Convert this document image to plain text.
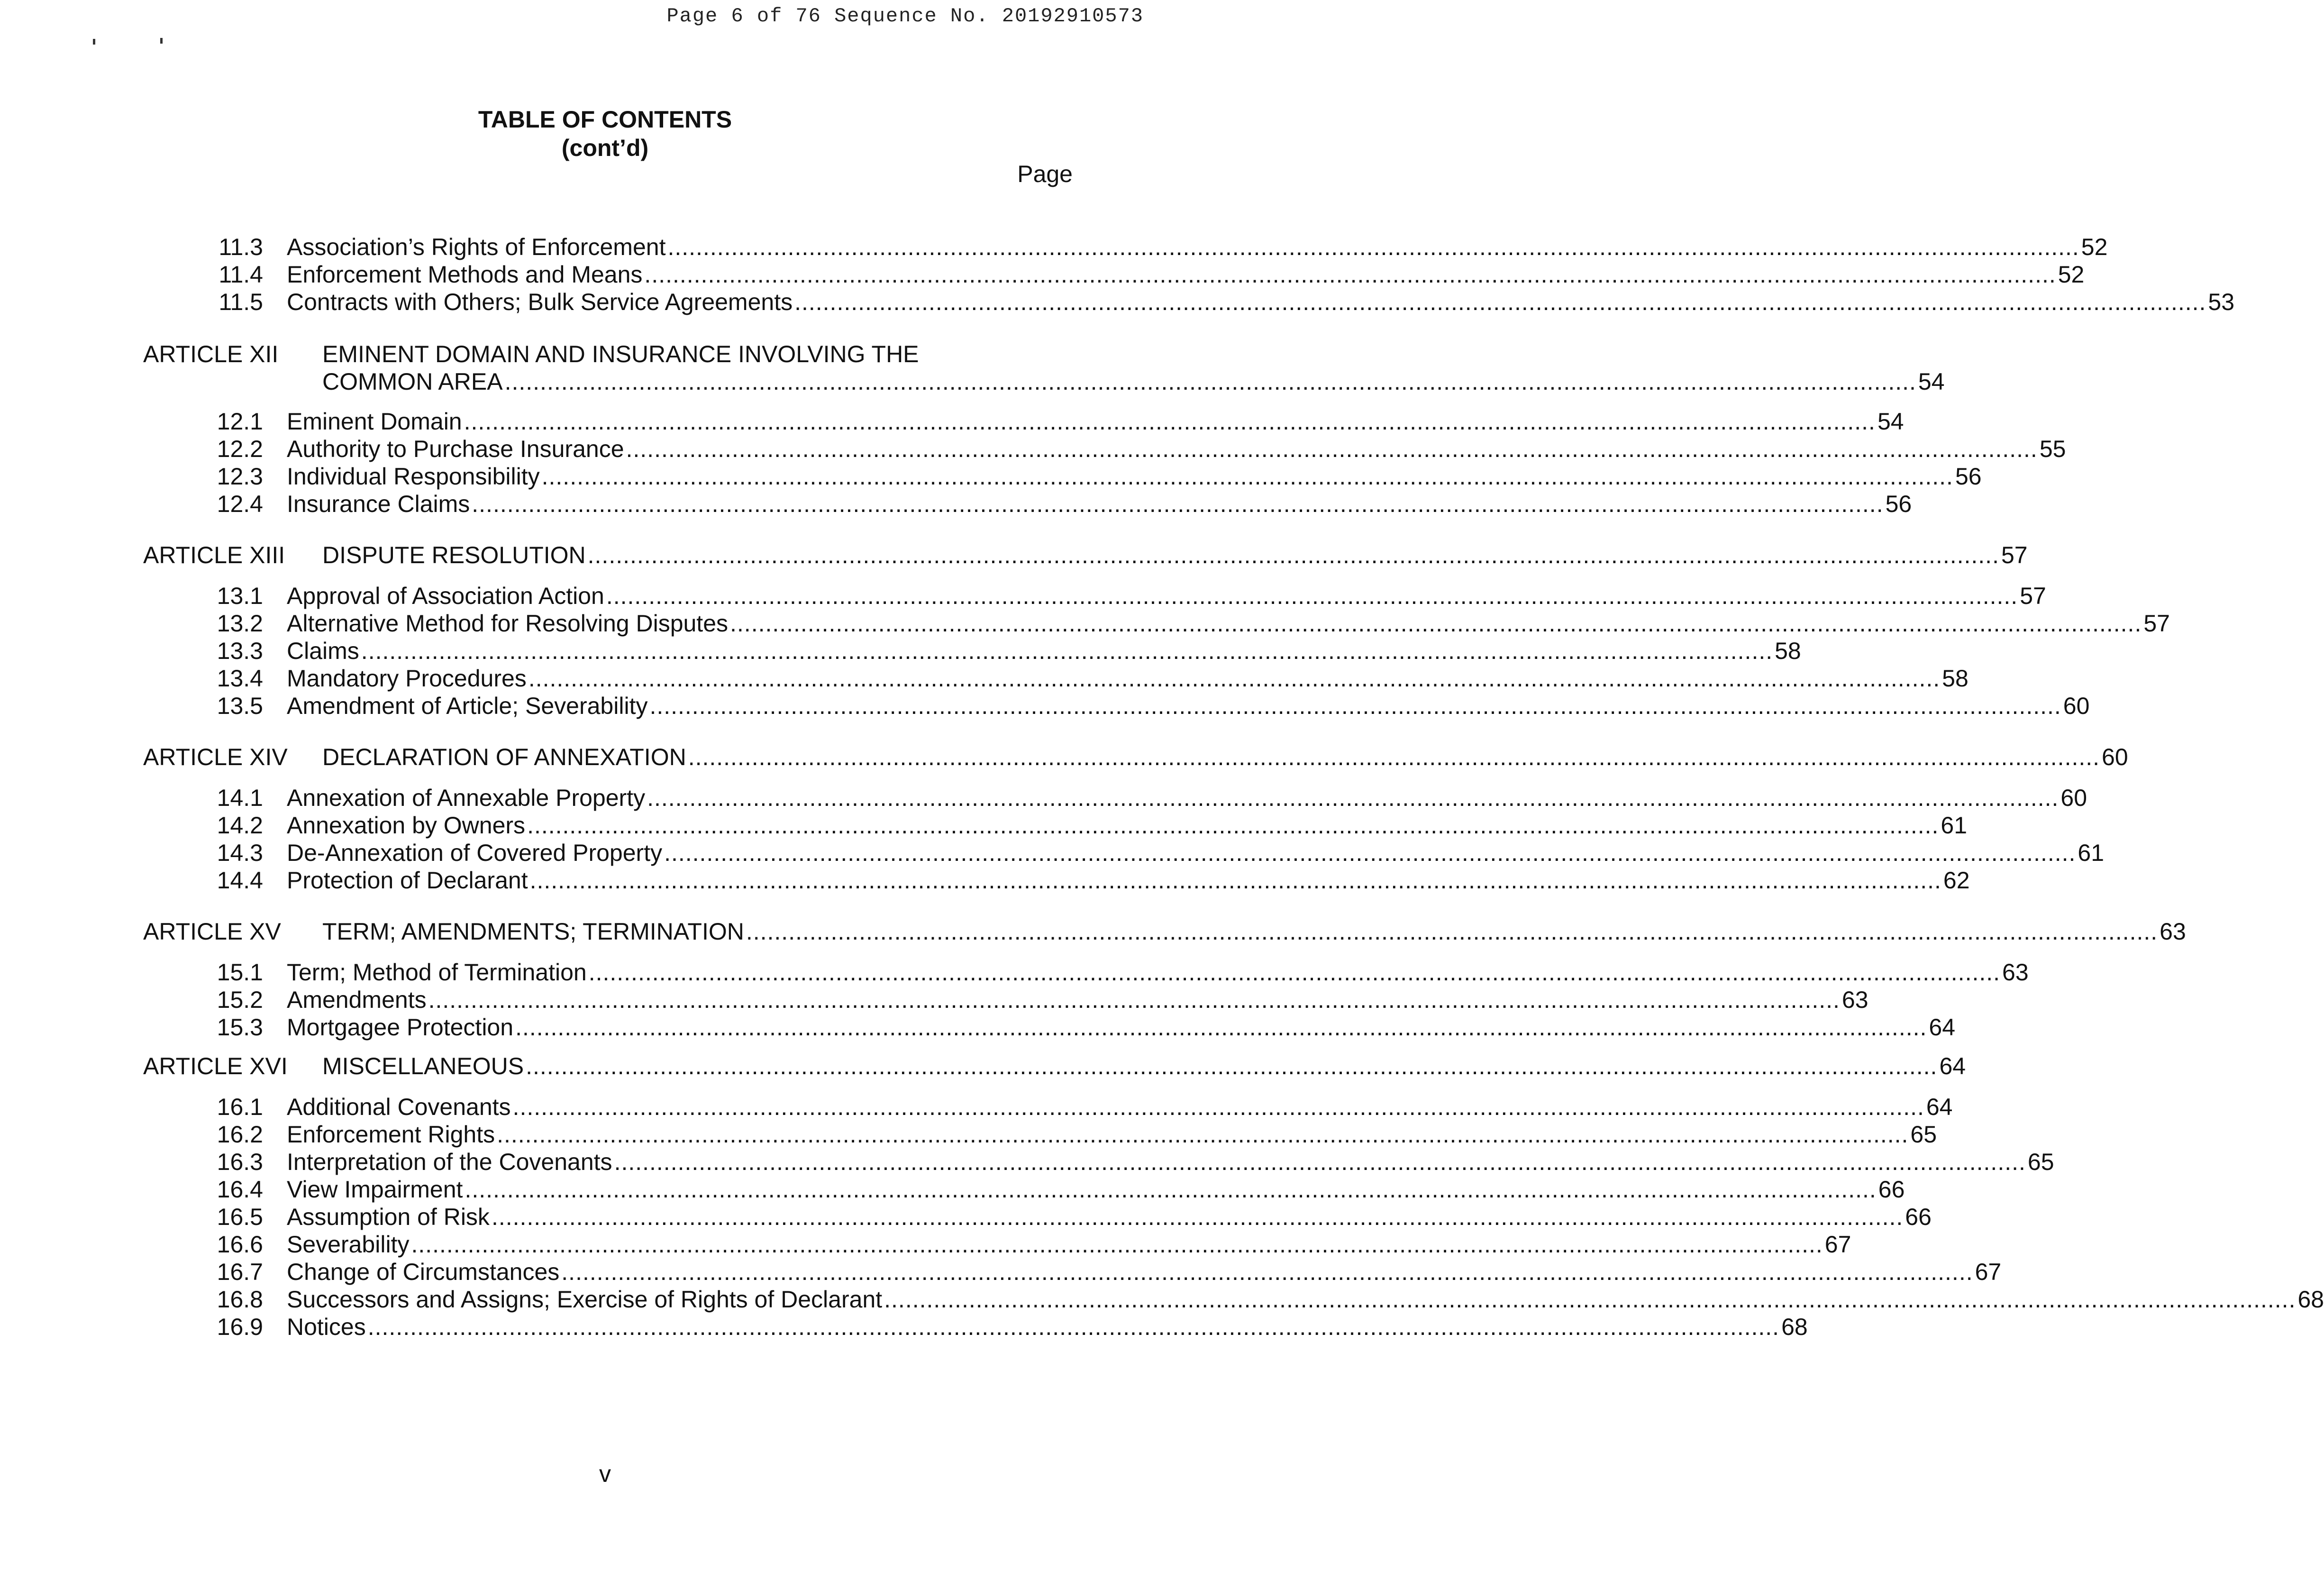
Page 6 of 76 Sequence No. 20192910573
TABLE OF CONTENTS
(cont’d)
Page
11.3 Association’s Rights of Enforcement ........................................................................................................................................................................................................ 52
11.4 Enforcement Methods and Means ........................................................................................................................................................................................................ 52
11.5 Contracts with Others; Bulk Service Agreements ........................................................................................................................................................................................................ 53
ARTICLE XII EMINENT DOMAIN AND INSURANCE INVOLVING THE
COMMON AREA ........................................................................................................................................................................................................ 54
12.1 Eminent Domain ........................................................................................................................................................................................................ 54
12.2 Authority to Purchase Insurance ........................................................................................................................................................................................................ 55
12.3 Individual Responsibility ........................................................................................................................................................................................................ 56
12.4 Insurance Claims ........................................................................................................................................................................................................ 56
ARTICLE XIII DISPUTE RESOLUTION ........................................................................................................................................................................................................ 57
13.1 Approval of Association Action ........................................................................................................................................................................................................ 57
13.2 Alternative Method for Resolving Disputes ........................................................................................................................................................................................................ 57
13.3 Claims ........................................................................................................................................................................................................ 58
13.4 Mandatory Procedures ........................................................................................................................................................................................................ 58
13.5 Amendment of Article; Severability ........................................................................................................................................................................................................ 60
ARTICLE XIV DECLARATION OF ANNEXATION ........................................................................................................................................................................................................ 60
14.1 Annexation of Annexable Property ........................................................................................................................................................................................................ 60
14.2 Annexation by Owners ........................................................................................................................................................................................................ 61
14.3 De-Annexation of Covered Property ........................................................................................................................................................................................................ 61
14.4 Protection of Declarant ........................................................................................................................................................................................................ 62
ARTICLE XV TERM; AMENDMENTS; TERMINATION ........................................................................................................................................................................................................ 63
15.1 Term; Method of Termination ........................................................................................................................................................................................................ 63
15.2 Amendments ........................................................................................................................................................................................................ 63
15.3 Mortgagee Protection ........................................................................................................................................................................................................ 64
ARTICLE XVI MISCELLANEOUS ........................................................................................................................................................................................................ 64
16.1 Additional Covenants ........................................................................................................................................................................................................ 64
16.2 Enforcement Rights ........................................................................................................................................................................................................ 65
16.3 Interpretation of the Covenants ........................................................................................................................................................................................................ 65
16.4 View Impairment ........................................................................................................................................................................................................ 66
16.5 Assumption of Risk ........................................................................................................................................................................................................ 66
16.6 Severability ........................................................................................................................................................................................................ 67
16.7 Change of Circumstances ........................................................................................................................................................................................................ 67
16.8 Successors and Assigns; Exercise of Rights of Declarant ........................................................................................................................................................................................................ 68
16.9 Notices ........................................................................................................................................................................................................ 68
v
